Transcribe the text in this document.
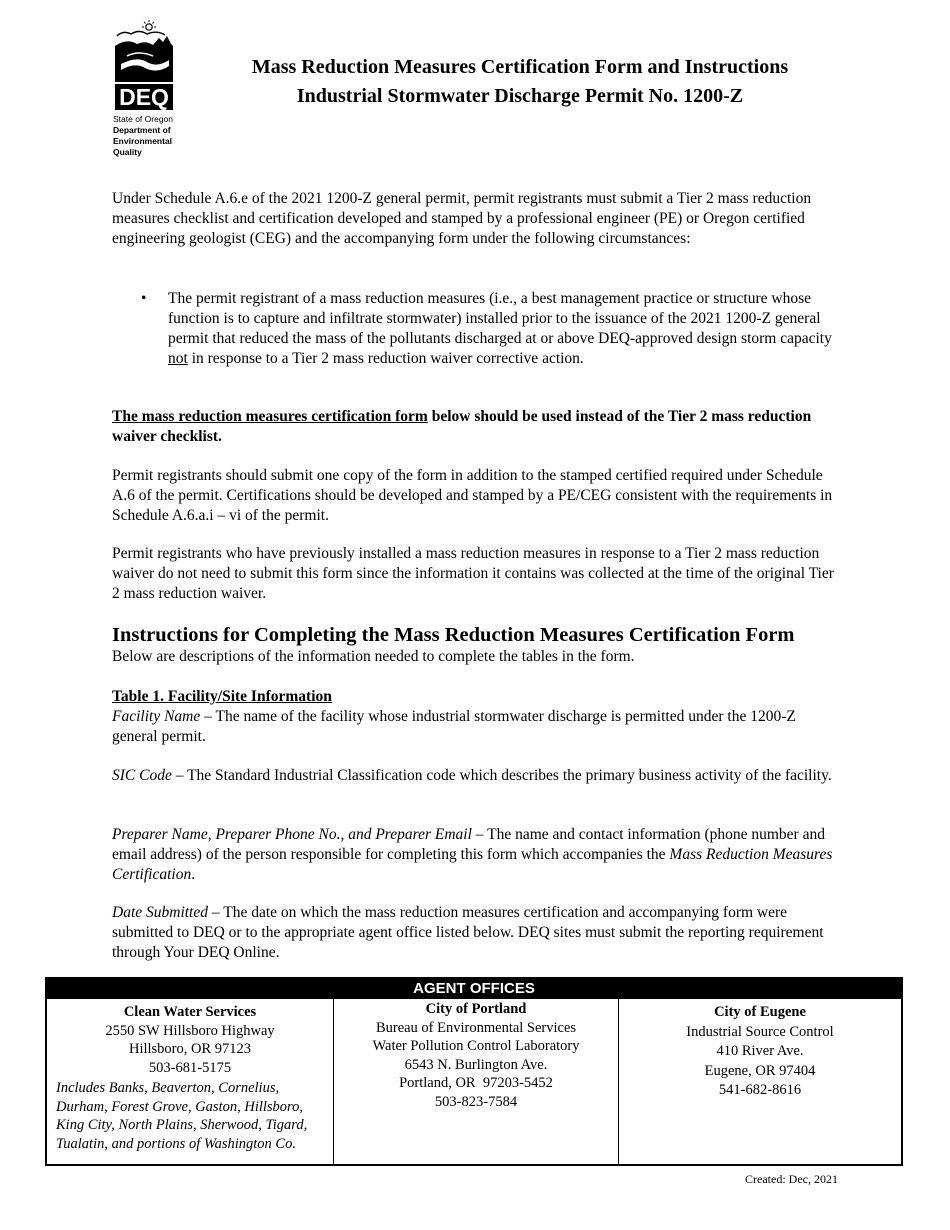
DEQ
State of Oregon
Department of
Environmental
Quality
Mass Reduction Measures Certification Form and Instructions
Industrial Stormwater Discharge Permit No. 1200-Z

Under Schedule A.6.e of the 2021 1200-Z general permit, permit registrants must submit a Tier 2 mass reduction measures checklist and certification developed and stamped by a professional engineer (PE) or Oregon certified engineering geologist (CEG) and the accompanying form under the following circumstances:

• The permit registrant of a mass reduction measures (i.e., a best management practice or structure whose function is to capture and infiltrate stormwater) installed prior to the issuance of the 2021 1200-Z general permit that reduced the mass of the pollutants discharged at or above DEQ-approved design storm capacity not in response to a Tier 2 mass reduction waiver corrective action.

The mass reduction measures certification form below should be used instead of the Tier 2 mass reduction waiver checklist.

Permit registrants should submit one copy of the form in addition to the stamped certified required under Schedule A.6 of the permit. Certifications should be developed and stamped by a PE/CEG consistent with the requirements in Schedule A.6.a.i – vi of the permit.

Permit registrants who have previously installed a mass reduction measures in response to a Tier 2 mass reduction waiver do not need to submit this form since the information it contains was collected at the time of the original Tier 2 mass reduction waiver.

Instructions for Completing the Mass Reduction Measures Certification Form

Below are descriptions of the information needed to complete the tables in the form.

Table 1. Facility/Site Information

Facility Name – The name of the facility whose industrial stormwater discharge is permitted under the 1200-Z general permit.

SIC Code – The Standard Industrial Classification code which describes the primary business activity of the facility.

Preparer Name, Preparer Phone No., and Preparer Email – The name and contact information (phone number and email address) of the person responsible for completing this form which accompanies the Mass Reduction Measures Certification.

Date Submitted – The date on which the mass reduction measures certification and accompanying form were submitted to DEQ or to the appropriate agent office listed below. DEQ sites must submit the reporting requirement through Your DEQ Online.

AGENT OFFICES
Clean Water Services
2550 SW Hillsboro Highway
Hillsboro, OR 97123
503-681-5175
Includes Banks, Beaverton, Cornelius, Durham, Forest Grove, Gaston, Hillsboro, King City, North Plains, Sherwood, Tigard, Tualatin, and portions of Washington Co.
City of Portland
Bureau of Environmental Services
Water Pollution Control Laboratory
6543 N. Burlington Ave.
Portland, OR  97203-5452
503-823-7584
City of Eugene
Industrial Source Control
410 River Ave.
Eugene, OR 97404
541-682-8616
Created: Dec, 2021
